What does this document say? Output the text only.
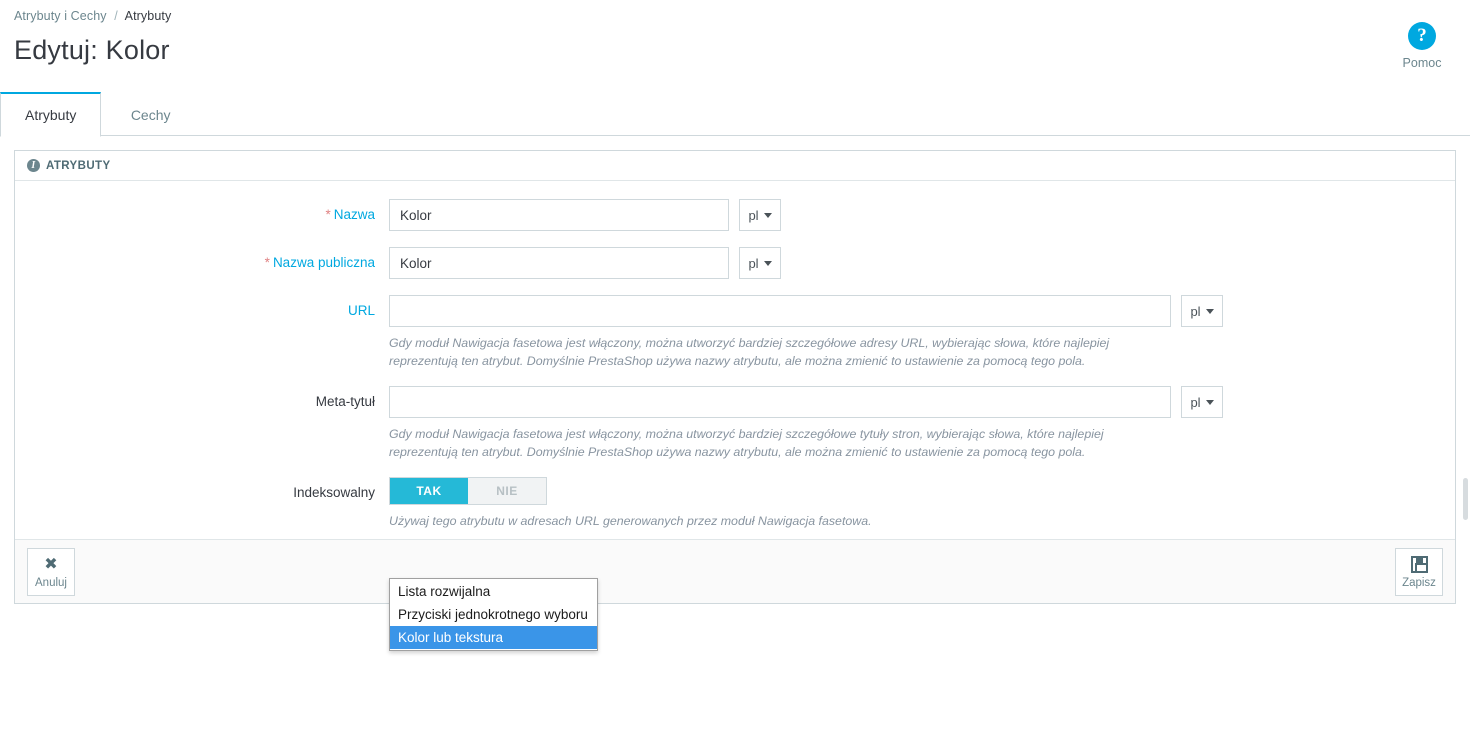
Atrybuty i Cechy / Atrybuty
Edytuj: Kolor	?
Pomoc
Atrybuty	Cechy
I ATRYBUTY
* Nazwa
Kolor	pl
* Nazwa publiczna
Kolor	pl
URL	pl
Gdy moduł Nawigacja fasetowa jest włączony, można utworzyć bardziej szczegółowe adresy URL, wybierając słowa, które najlepiej reprezentują ten atrybut. Domyślnie PrestaShop używa nazwy atrybutu, ale można zmienić to ustawienie za pomocą tego pola.
Meta-tytuł	pl
Gdy moduł Nawigacja fasetowa jest włączony, można utworzyć bardziej szczegółowe tytuły stron, wybierając słowa, które najlepiej reprezentują ten atrybut. Domyślnie PrestaShop używa nazwy atrybutu, ale można zmienić to ustawienie za pomocą tego pola.
Indeksowalny	TAK	NIE
Używaj tego atrybutu w adresach URL generowanych przez moduł Nawigacja fasetowa.
Lista rozwijalna
Przyciski jednokrotnego wyboru
Kolor lub tekstura
✖
Anuluj	Zapisz
